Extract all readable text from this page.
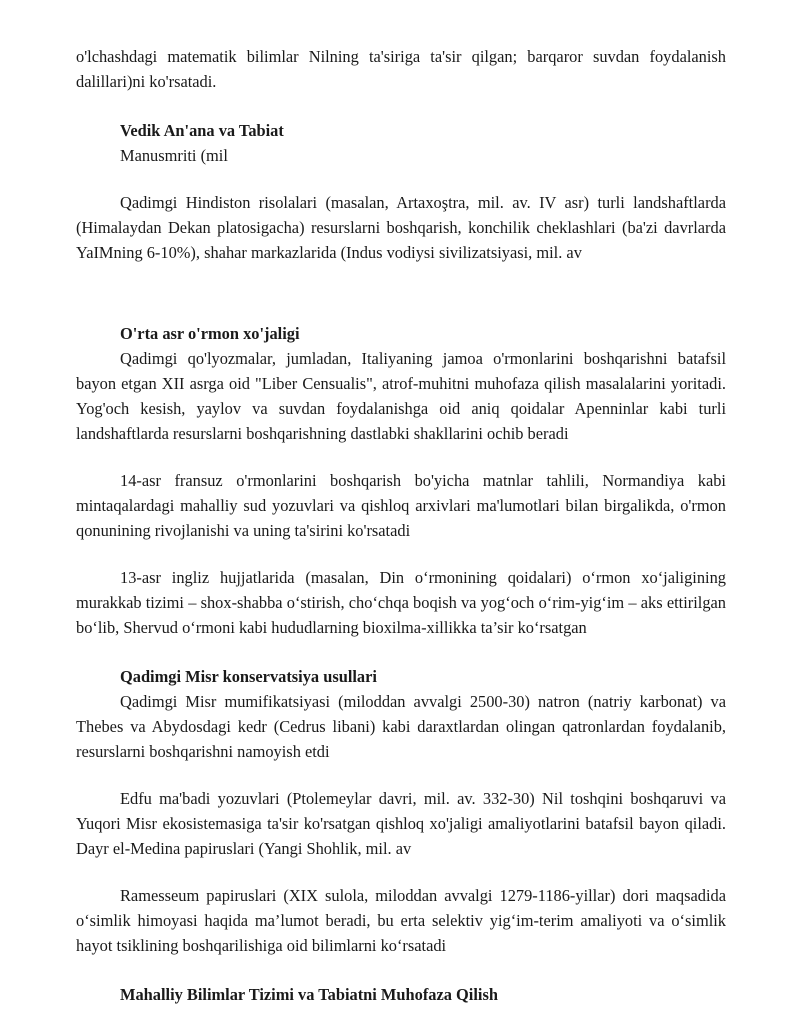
o'lchashdagi matematik bilimlar Nilning ta'siriga ta'sir qilgan; barqaror suvdan foydalanish dalillari)ni ko'rsatadi.

Vedik An'ana va Tabiat

Manusmriti (mil

Qadimgi Hindiston risolalari (masalan, Artaxoştra, mil. av. IV asr) turli landshaftlarda (Himalaydan Dekan platosigacha) resurslarni boshqarish, konchilik cheklashlari (ba'zi davrlarda YaIMning 6-10%), shahar markazlarida (Indus vodiysi sivilizatsiyasi, mil. av

O'rta asr o'rmon xo'jaligi

Qadimgi qo'lyozmalar, jumladan, Italiyaning jamoa o'rmonlarini boshqarishni batafsil bayon etgan XII asrga oid "Liber Censualis", atrof-muhitni muhofaza qilish masalalarini yoritadi. Yog'och kesish, yaylov va suvdan foydalanishga oid aniq qoidalar Apenninlar kabi turli landshaftlarda resurslarni boshqarishning dastlabki shakllarini ochib beradi

14-asr fransuz o'rmonlarini boshqarish bo'yicha matnlar tahlili, Normandiya kabi mintaqalardagi mahalliy sud yozuvlari va qishloq arxivlari ma'lumotlari bilan birgalikda, o'rmon qonunining rivojlanishi va uning ta'sirini ko'rsatadi

13-asr ingliz hujjatlarida (masalan, Din o‘rmonining qoidalari) o‘rmon xo‘jaligining murakkab tizimi – shox-shabba o‘stirish, cho‘chqa boqish va yog‘och o‘rim-yig‘im – aks ettirilgan bo‘lib, Shervud o‘rmoni kabi hududlarning bioxilma-xillikka ta’sir ko‘rsatgan

Qadimgi Misr konservatsiya usullari

Qadimgi Misr mumifikatsiyasi (miloddan avvalgi 2500-30) natron (natriy karbonat) va Thebes va Abydosdagi kedr (Cedrus libani) kabi daraxtlardan olingan qatronlardan foydalanib, resurslarni boshqarishni namoyish etdi

Edfu ma'badi yozuvlari (Ptolemeylar davri, mil. av. 332-30) Nil toshqini boshqaruvi va Yuqori Misr ekosistemasiga ta'sir ko'rsatgan qishloq xo'jaligi amaliyotlarini batafsil bayon qiladi. Dayr el-Medina papiruslari (Yangi Shohlik, mil. av

Ramesseum papiruslari (XIX sulola, miloddan avvalgi 1279-1186-yillar) dori maqsadida o‘simlik himoyasi haqida ma’lumot beradi, bu erta selektiv yig‘im-terim amaliyoti va o‘simlik hayot tsiklining boshqarilishiga oid bilimlarni ko‘rsatadi

Mahalliy Bilimlar Tizimi va Tabiatni Muhofaza Qilish
